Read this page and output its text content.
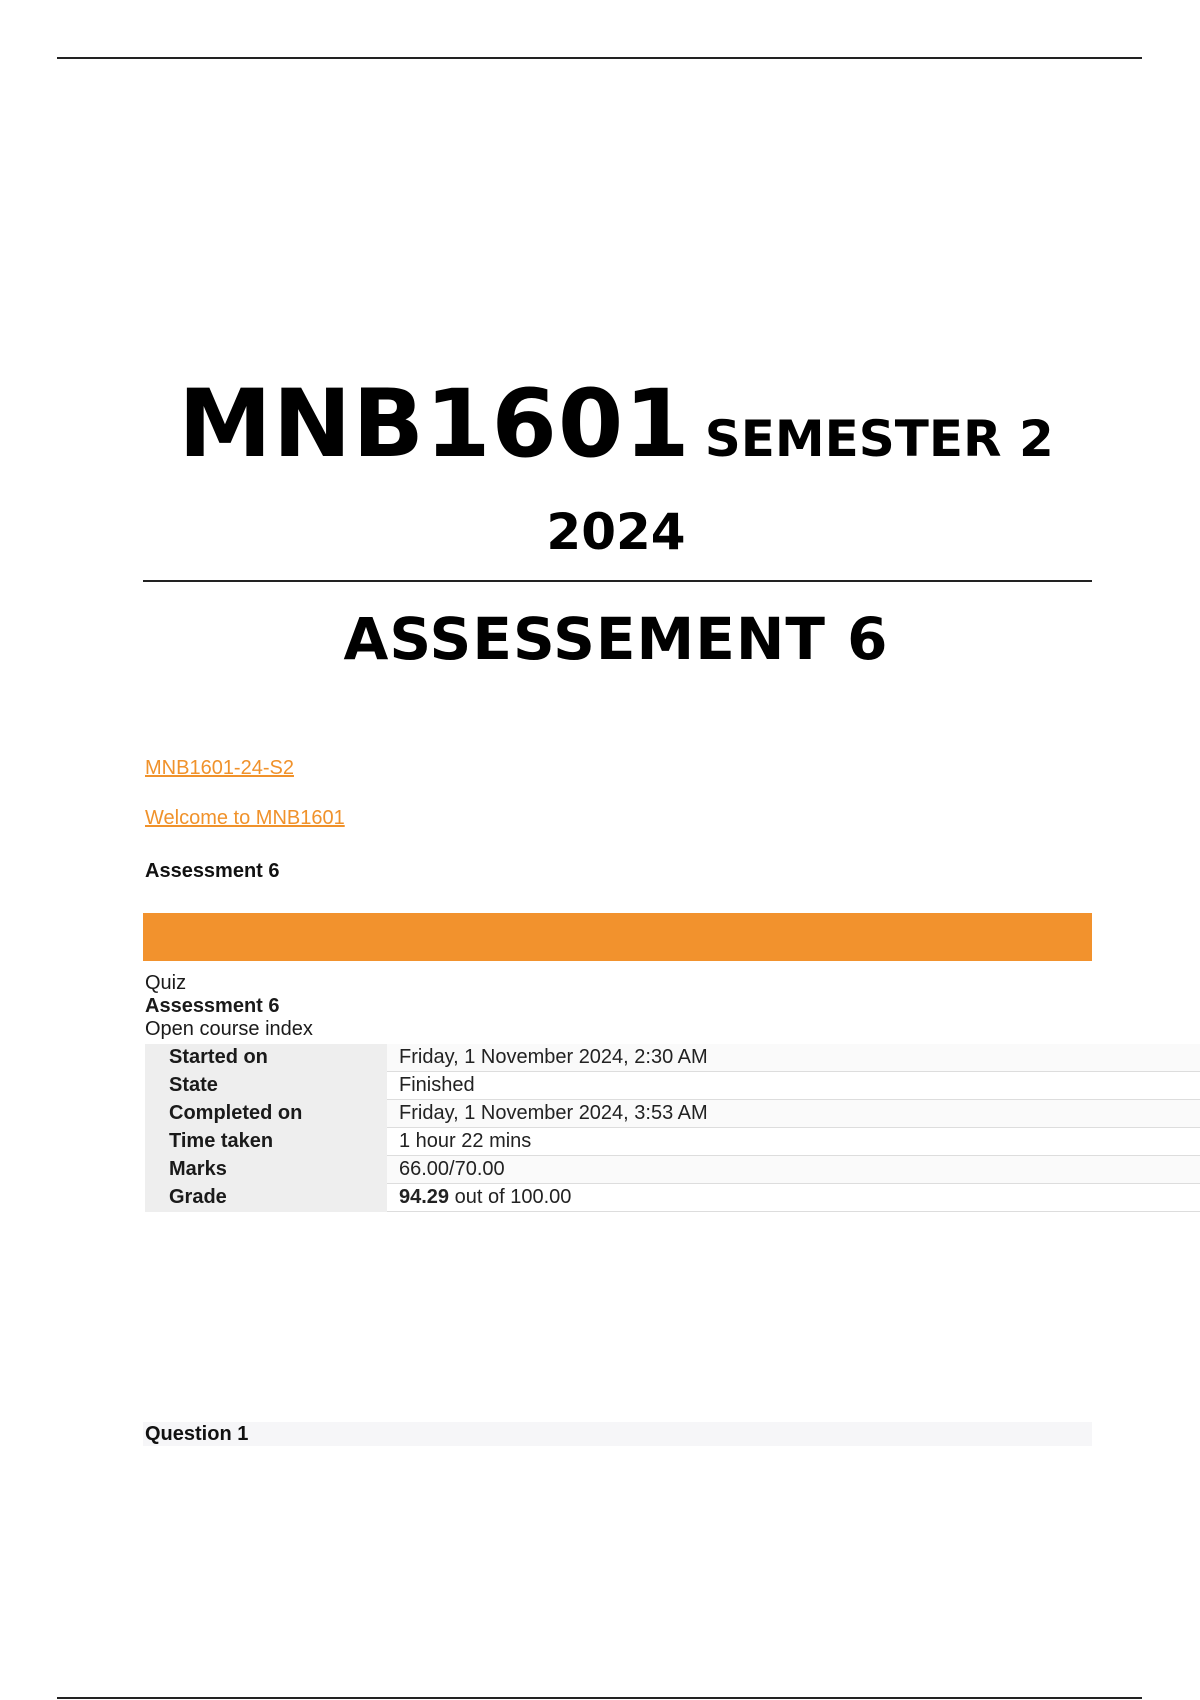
MNB1601 SEMESTER 2
2024
ASSESSEMENT 6
MNB1601-24-S2
Welcome to MNB1601
Assessment 6
Quiz
Assessment 6
Open course index
Started on	Friday, 1 November 2024, 2:30 AM
State	Finished
Completed on	Friday, 1 November 2024, 3:53 AM
Time taken	1 hour 22 mins
Marks	66.00/70.00
Grade	94.29 out of 100.00
Question 1
